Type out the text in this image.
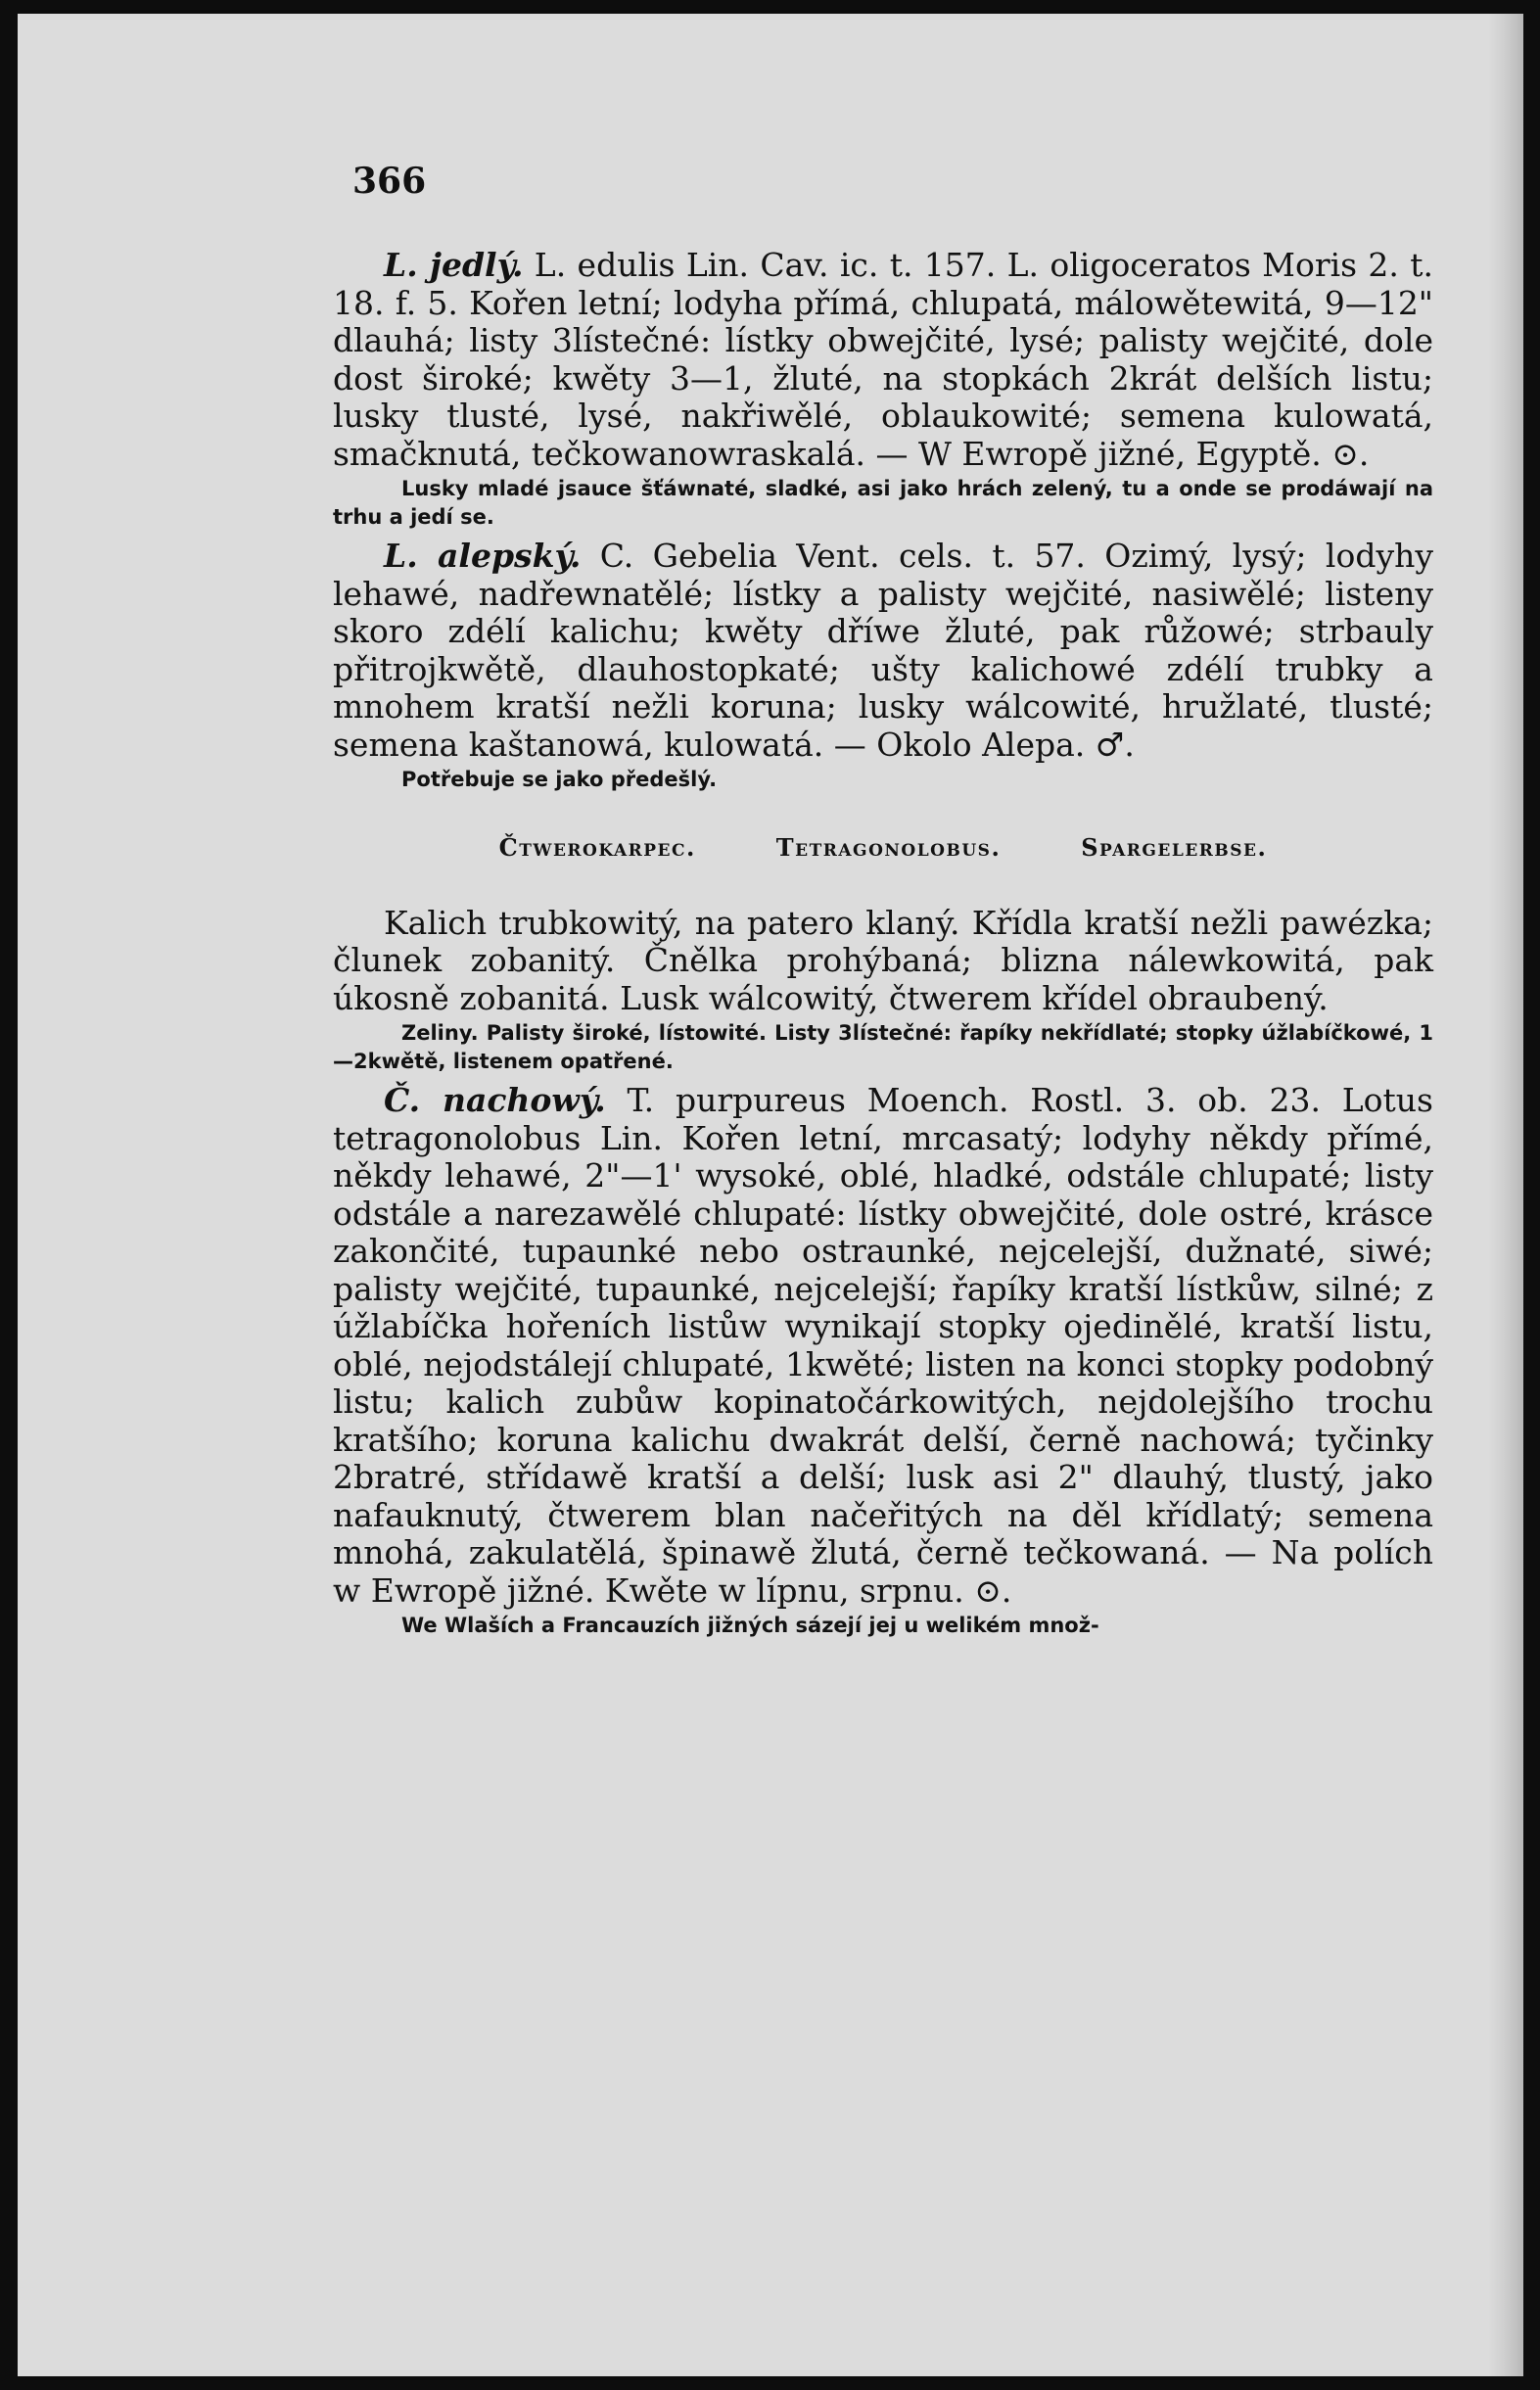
366

L. jedlý. L. edulis Lin. Cav. ic. t. 157. L. oligoceratos Moris 2. t. 18. f. 5. Kořen letní; lodyha přímá, chlupatá, málowětewitá, 9—12" dlauhá; listy 3lístečné: lístky obwejčité, lysé; palisty wejčité, dole dost široké; kwěty 3—1, žluté, na stopkách 2krát delších listu; lusky tlusté, lysé, nakřiwělé, oblaukowité; semena kulowatá, smačknutá, tečkowanowraskalá. — W Ewropě jižné, Egyptě. ⊙.

Lusky mladé jsauce šťáwnaté, sladké, asi jako hrách zelený, tu a onde se prodáwají na trhu a jedí se.

L. alepský. C. Gebelia Vent. cels. t. 57. Ozimý, lysý; lodyhy lehawé, nadřewnatělé; lístky a palisty wejčité, nasiwělé; listeny skoro zdélí kalichu; kwěty dříwe žluté, pak růžowé; strbauly přitrojkwětě, dlauhostopkaté; ušty kalichowé zdélí trubky a mnohem kratší nežli koruna; lusky wálcowité, hružlaté, tlusté; semena kaštanowá, kulowatá. — Okolo Alepa. ♂.

Potřebuje se jako předešlý.

Čtwerokarpec.	Tetragonolobus.	Spargelerbse.

Kalich trubkowitý, na patero klaný. Křídla kratší nežli pawézka; člunek zobanitý. Čnělka prohýbaná; blizna nálewkowitá, pak úkosně zobanitá. Lusk wálcowitý, čtwerem křídel obraubený.

Zeliny. Palisty široké, lístowité. Listy 3lístečné: řapíky nekřídlaté; stopky úžlabíčkowé, 1—2kwětě, listenem opatřené.

Č. nachowý. T. purpureus Moench. Rostl. 3. ob. 23. Lotus tetragonolobus Lin. Kořen letní, mrcasatý; lodyhy někdy přímé, někdy lehawé, 2"—1' wysoké, oblé, hladké, odstále chlupaté; listy odstále a narezawělé chlupaté: lístky obwejčité, dole ostré, krásce zakončité, tupaunké nebo ostraunké, nejcelejší, dužnaté, siwé; palisty wejčité, tupaunké, nejcelejší; řapíky kratší lístkůw, silné; z úžlabíčka hořeních listůw wynikají stopky ojedinělé, kratší listu, oblé, nejodstálejí chlupaté, 1kwěté; listen na konci stopky podobný listu; kalich zubůw kopinatočárkowitých, nejdolejšího trochu kratšího; koruna kalichu dwakrát delší, černě nachowá; tyčinky 2bratré, střídawě kratší a delší; lusk asi 2" dlauhý, tlustý, jako nafauknutý, čtwerem blan načeřitých na děl křídlatý; semena mnohá, zakulatělá, špinawě žlutá, černě tečkowaná. — Na polích w Ewropě jižné. Kwěte w lípnu, srpnu. ⊙.

We Wlaších a Francauzích jižných sázejí jej u welikém množ-
